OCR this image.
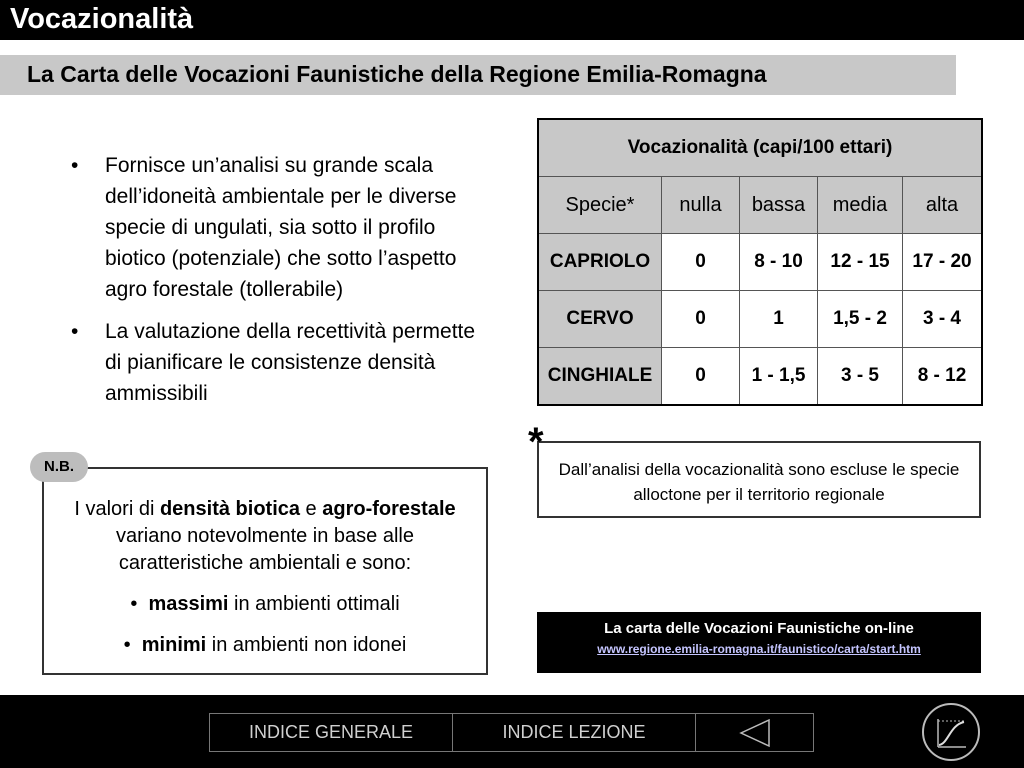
Vocazionalità
La Carta delle Vocazioni Faunistiche della Regione Emilia-Romagna
• Fornisce un’analisi su grande scala dell’idoneità ambientale per le diverse specie di ungulati, sia sotto il profilo biotico (potenziale) che sotto l’aspetto agro forestale (tollerabile)
• La valutazione della recettività permette di pianificare le consistenze densità ammissibili
Vocazionalità (capi/100 ettari)				
Specie*	nulla	bassa	media	alta
CAPRIOLO	0	8 - 10	12 - 15	17 - 20
CERVO	0	1	1,5 - 2	3 - 4
CINGHIALE	0	1 - 1,5	3 - 5	8 - 12
Dall’analisi della vocazionalità sono escluse le specie alloctone per il territorio regionale
*
I valori di densità biotica e agro-forestale variano notevolmente in base alle caratteristiche ambientali e sono:
•  massimi in ambienti ottimali
•  minimi in ambienti non idonei
N.B.
La carta delle Vocazioni Faunistiche on-line
www.regione.emilia-romagna.it/faunistico/carta/start.htm
INDICE GENERALE	INDICE LEZIONE
